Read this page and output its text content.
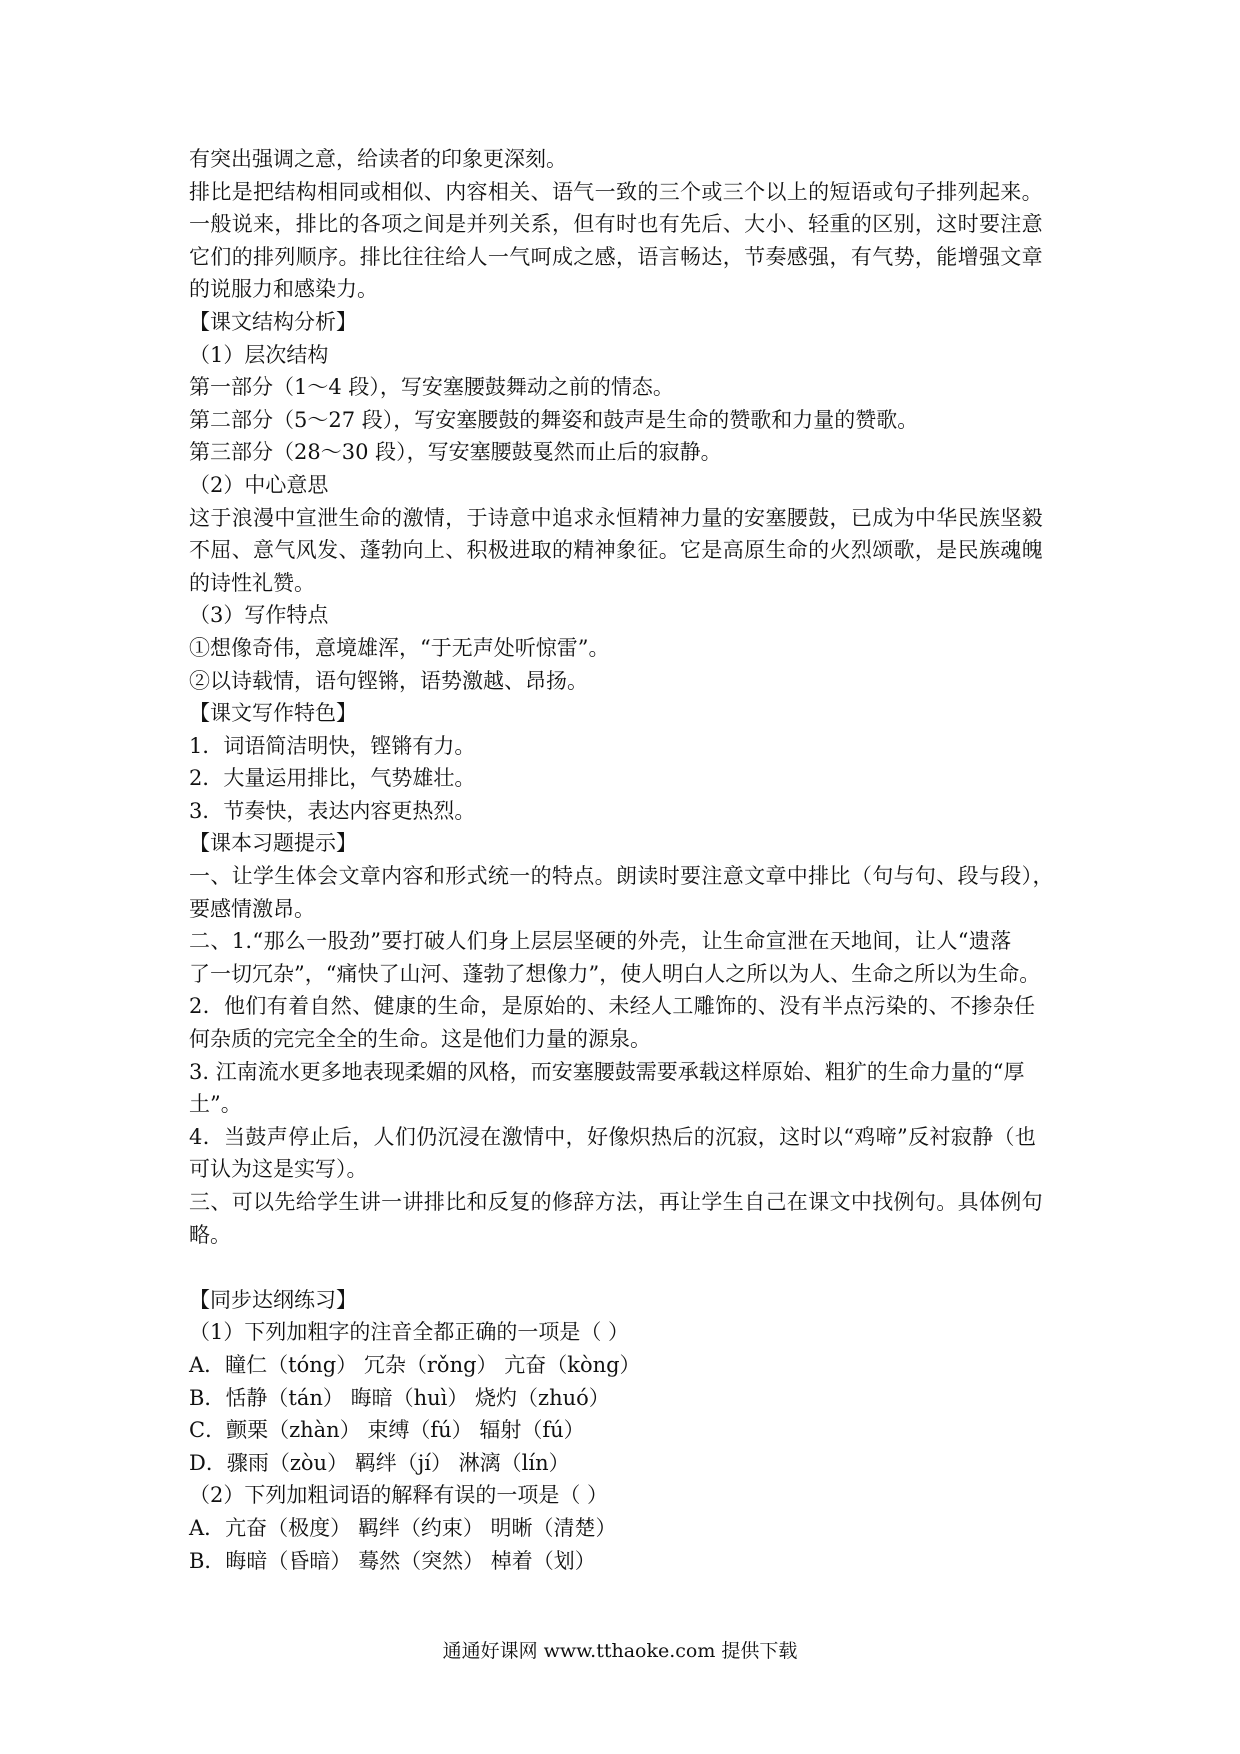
有突出强调之意，给读者的印象更深刻。
排比是把结构相同或相似、内容相关、语气一致的三个或三个以上的短语或句子排列起来。
一般说来，排比的各项之间是并列关系，但有时也有先后、大小、轻重的区别，这时要注意
它们的排列顺序。排比往往给人一气呵成之感，语言畅达，节奏感强，有气势，能增强文章
的说服力和感染力。
【课文结构分析】
（1）层次结构
第一部分（1～4 段），写安塞腰鼓舞动之前的情态。
第二部分（5～27 段），写安塞腰鼓的舞姿和鼓声是生命的赞歌和力量的赞歌。
第三部分（28～30 段），写安塞腰鼓戛然而止后的寂静。
（2）中心意思
这于浪漫中宣泄生命的激情，于诗意中追求永恒精神力量的安塞腰鼓，已成为中华民族坚毅
不屈、意气风发、蓬勃向上、积极进取的精神象征。它是高原生命的火烈颂歌，是民族魂魄
的诗性礼赞。
（3）写作特点
①想像奇伟，意境雄浑，“于无声处听惊雷”。
②以诗载情，语句铿锵，语势激越、昂扬。
【课文写作特色】
1．词语简洁明快，铿锵有力。
2．大量运用排比，气势雄壮。
3．节奏快，表达内容更热烈。
【课本习题提示】
一、让学生体会文章内容和形式统一的特点。朗读时要注意文章中排比（句与句、段与段），
要感情激昂。
二、1.“那么一股劲”要打破人们身上层层坚硬的外壳，让生命宣泄在天地间，让人“遗落
了一切冗杂”，“痛快了山河、蓬勃了想像力”，使人明白人之所以为人、生命之所以为生命。
2．他们有着自然、健康的生命，是原始的、未经人工雕饰的、没有半点污染的、不掺杂任
何杂质的完完全全的生命。这是他们力量的源泉。
3. 江南流水更多地表现柔媚的风格，而安塞腰鼓需要承载这样原始、粗犷的生命力量的“厚
土”。
4．当鼓声停止后，人们仍沉浸在激情中，好像炽热后的沉寂，这时以“鸡啼”反衬寂静（也
可认为这是实写）。
三、可以先给学生讲一讲排比和反复的修辞方法，再让学生自己在课文中找例句。具体例句
略。
【同步达纲练习】
（1）下列加粗字的注音全都正确的一项是（ ）
A．瞳仁（tóng） 冗杂（rǒng） 亢奋（kòng）
B．恬静（tán） 晦暗（huì） 烧灼（zhuó）
C．颤栗（zhàn） 束缚（fú） 辐射（fú）
D．骤雨（zòu） 羁绊（jí） 淋漓（lín）
（2）下列加粗词语的解释有误的一项是（ ）
A．亢奋（极度） 羁绊（约束） 明晰（清楚）
B．晦暗（昏暗） 蓦然（突然） 棹着（划）
通通好课网 www.tthaoke.com 提供下载
